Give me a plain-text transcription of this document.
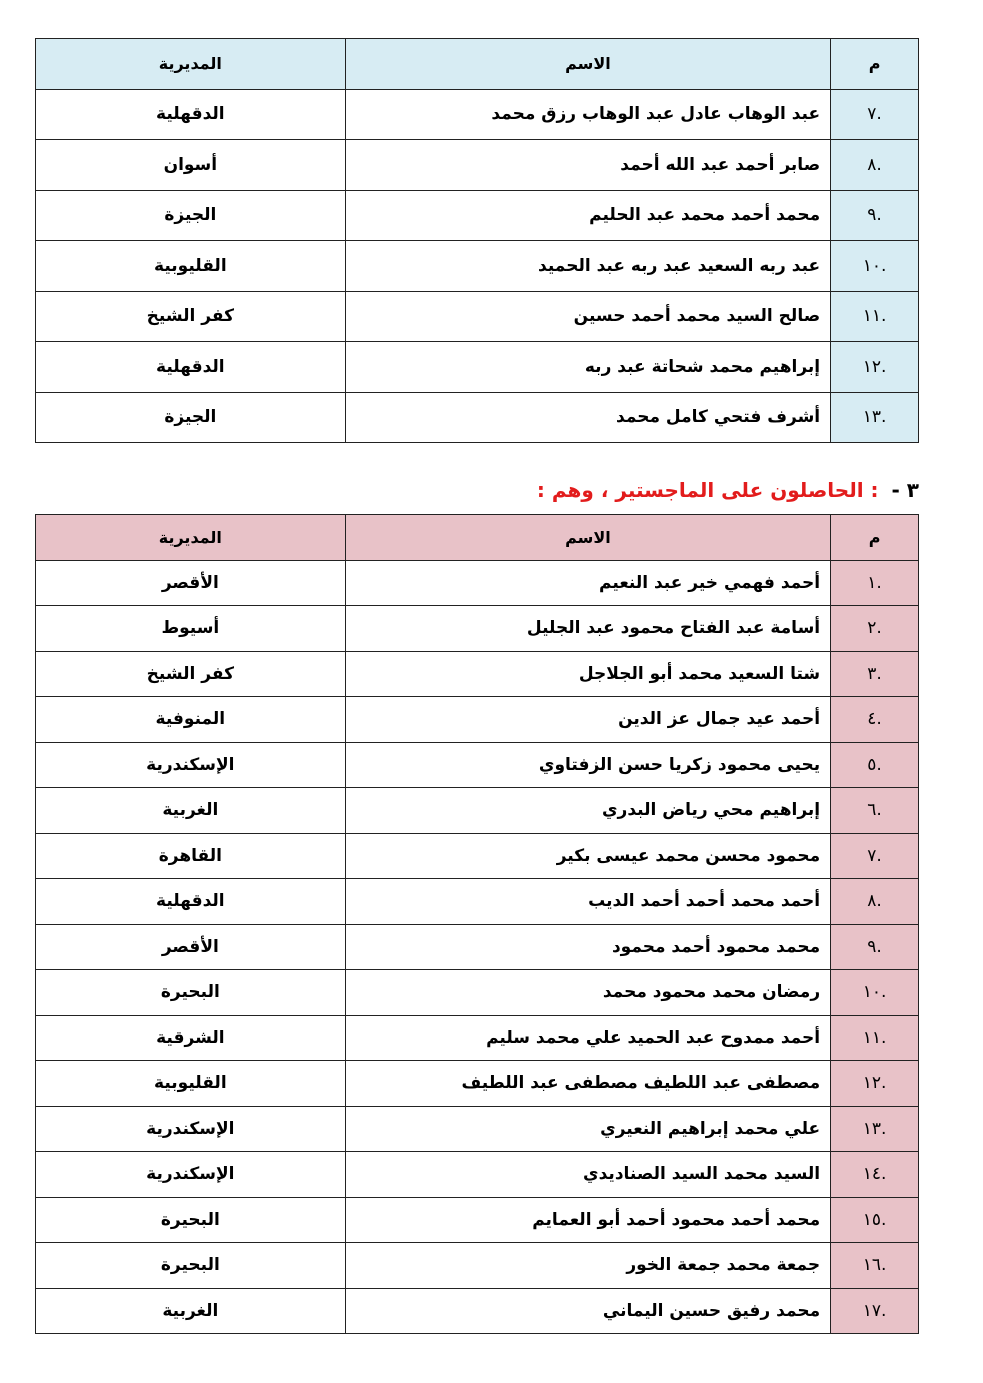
م	الاسم	المديرية
.٧	عبد الوهاب عادل عبد الوهاب رزق محمد	الدقهلية
.٨	صابر أحمد عبد الله أحمد	أسوان
.٩	محمد أحمد محمد عبد الحليم	الجيزة
.١٠	عبد ربه السعيد عبد ربه عبد الحميد	القليوبية
.١١	صالح السيد محمد أحمد حسين	كفر الشيخ
.١٢	إبراهيم محمد شحاتة عبد ربه	الدقهلية
.١٣	أشرف فتحي كامل محمد	الجيزة
٣ - : الحاصلون على الماجستير ، وهم :
م	الاسم	المديرية
.١	أحمد فهمي خير عبد النعيم	الأقصر
.٢	أسامة عبد الفتاح محمود عبد الجليل	أسيوط
.٣	شتا السعيد محمد أبو الجلاجل	كفر الشيخ
.٤	أحمد عيد جمال عز الدين	المنوفية
.٥	يحيى محمود زكريا حسن الزفتاوي	الإسكندرية
.٦	إبراهيم محي رياض البدري	الغربية
.٧	محمود محسن محمد عيسى بكير	القاهرة
.٨	أحمد محمد أحمد أحمد الديب	الدقهلية
.٩	محمد محمود أحمد محمود	الأقصر
.١٠	رمضان محمد محمود محمد	البحيرة
.١١	أحمد ممدوح عبد الحميد علي محمد سليم	الشرقية
.١٢	مصطفى عبد اللطيف مصطفى عبد اللطيف	القليوبية
.١٣	علي محمد إبراهيم النعيري	الإسكندرية
.١٤	السيد محمد السيد الصناديدي	الإسكندرية
.١٥	محمد أحمد محمود أحمد أبو العمايم	البحيرة
.١٦	جمعة محمد جمعة الخور	البحيرة
.١٧	محمد رفيق حسين اليماني	الغربية
